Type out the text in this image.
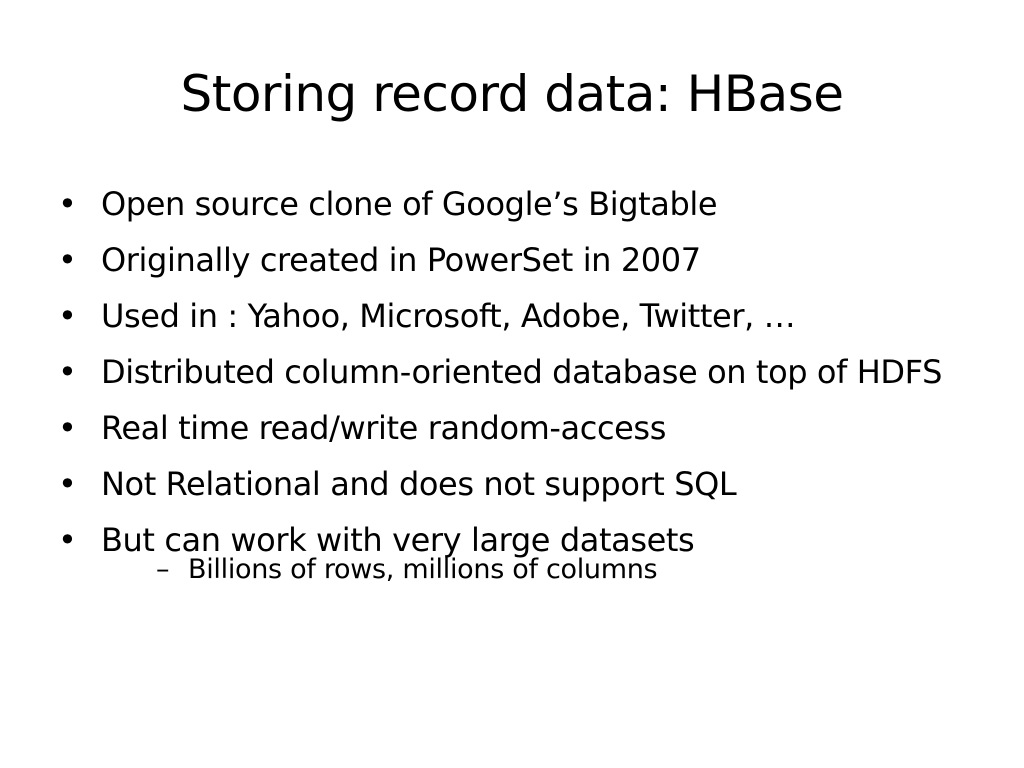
Storing record data: HBase
• Open source clone of Google’s Bigtable
• Originally created in PowerSet in 2007
• Used in : Yahoo, Microsoft, Adobe, Twitter, …
• Distributed column-oriented database on top of HDFS
• Real time read/write random-access
• Not Relational and does not support SQL
• But can work with very large datasets
– Billions of rows, millions of columns
